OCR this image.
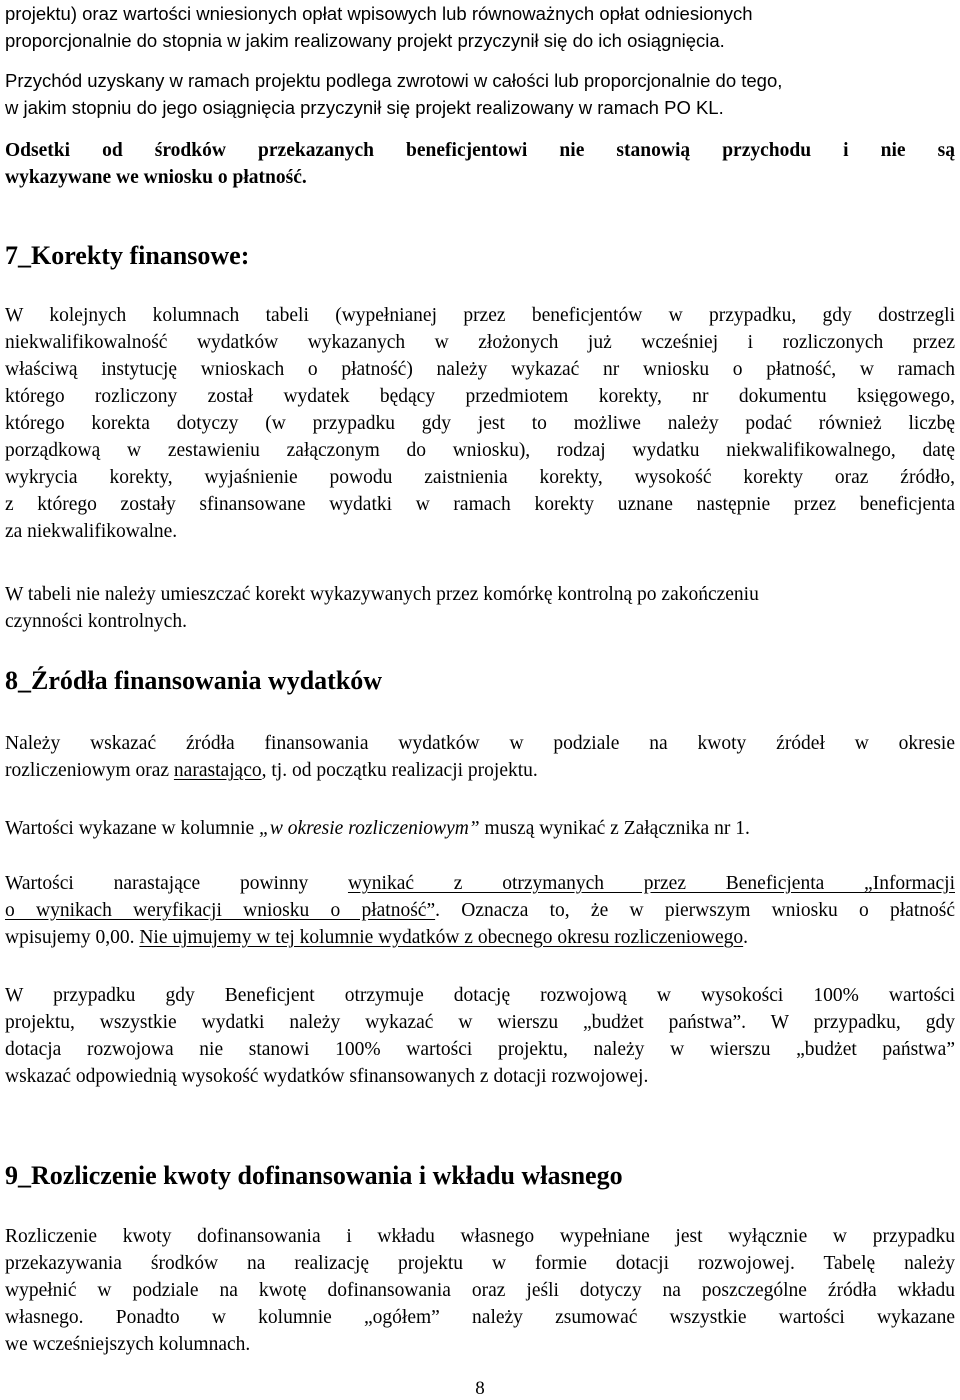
projektu) oraz wartości wniesionych opłat wpisowych lub równoważnych opłat odniesionych
proporcjonalnie do stopnia w jakim realizowany projekt przyczynił się do ich osiągnięcia.
Przychód uzyskany w ramach projektu podlega zwrotowi w całości lub proporcjonalnie do tego,
w jakim stopniu do jego osiągnięcia przyczynił się projekt realizowany w ramach PO KL.
Odsetki od środków przekazanych beneficjentowi nie stanowią przychodu i nie są
wykazywane we wniosku o płatność.
7_Korekty finansowe:
W kolejnych kolumnach tabeli (wypełnianej przez beneficjentów w przypadku, gdy dostrzegli
niekwalifikowalność wydatków wykazanych w złożonych już wcześniej i rozliczonych przez
właściwą instytucję wnioskach o płatność) należy wykazać nr wniosku o płatność, w ramach
którego rozliczony został wydatek będący przedmiotem korekty, nr dokumentu księgowego,
którego korekta dotyczy (w przypadku gdy jest to możliwe należy podać również liczbę
porządkową w zestawieniu załączonym do wniosku), rodzaj wydatku niekwalifikowalnego, datę
wykrycia korekty, wyjaśnienie powodu zaistnienia korekty, wysokość korekty oraz źródło,
z którego zostały sfinansowane wydatki w ramach korekty uznane następnie przez beneficjenta
za niekwalifikowalne.
W tabeli nie należy umieszczać korekt wykazywanych przez komórkę kontrolną po zakończeniu
czynności kontrolnych.
8_Źródła finansowania wydatków
Należy wskazać źródła finansowania wydatków w podziale na kwoty źródeł w okresie
rozliczeniowym oraz narastająco, tj. od początku realizacji projektu.
Wartości wykazane w kolumnie „w okresie rozliczeniowym” muszą wynikać z Załącznika nr 1.
Wartości narastające powinny wynikać z otrzymanych przez Beneficjenta „Informacji
o wynikach weryfikacji wniosku o płatność”. Oznacza to, że w pierwszym wniosku o płatność
wpisujemy 0,00. Nie ujmujemy w tej kolumnie wydatków z obecnego okresu rozliczeniowego.
W przypadku gdy Beneficjent otrzymuje dotację rozwojową w wysokości 100% wartości
projektu, wszystkie wydatki należy wykazać w wierszu „budżet państwa”. W przypadku, gdy
dotacja rozwojowa nie stanowi 100% wartości projektu, należy w wierszu „budżet państwa”
wskazać odpowiednią wysokość wydatków sfinansowanych z dotacji rozwojowej.
9_Rozliczenie kwoty dofinansowania i wkładu własnego
Rozliczenie kwoty dofinansowania i wkładu własnego wypełniane jest wyłącznie w przypadku
przekazywania środków na realizację projektu w formie dotacji rozwojowej. Tabelę należy
wypełnić w podziale na kwotę dofinansowania oraz jeśli dotyczy na poszczególne źródła wkładu
własnego. Ponadto w kolumnie „ogółem” należy zsumować wszystkie wartości wykazane
we wcześniejszych kolumnach.
8
